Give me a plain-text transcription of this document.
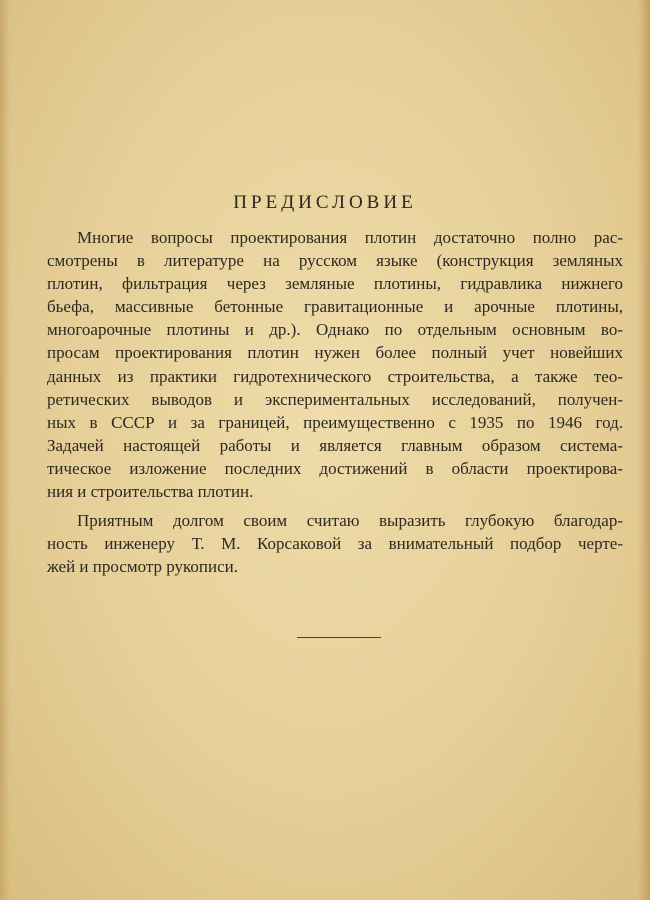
ПРЕДИСЛОВИЕ
Многие вопросы проектирования плотин достаточно полно рас-
смотрены в литературе на русском языке (конструкция земляных
плотин, фильтрация через земляные плотины, гидравлика нижнего
бьефа, массивные бетонные гравитационные и арочные плотины,
многоарочные плотины и др.). Однако по отдельным основным во-
просам проектирования плотин нужен более полный учет новейших
данных из практики гидротехнического строительства, а также тео-
ретических выводов и экспериментальных исследований, получен-
ных в СССР и за границей, преимущественно с 1935 по 1946 год.
Задачей настоящей работы и является главным образом система-
тическое изложение последних достижений в области проектирова-
ния и строительства плотин.
Приятным долгом своим считаю выразить глубокую благодар-
ность инженеру Т. М. Корсаковой за внимательный подбор черте-
жей и просмотр рукописи.
